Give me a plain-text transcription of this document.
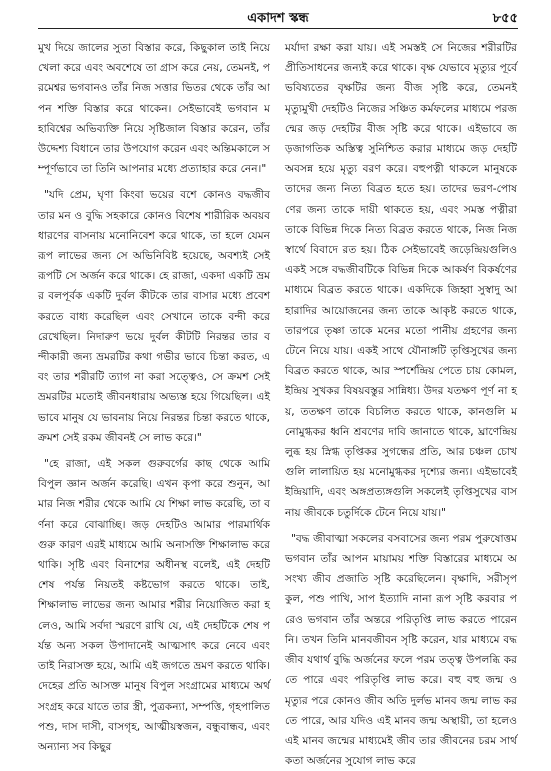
একাদশ স্কন্ধ	৮৫৫

মুখ দিয়ে জালের সুতা বিস্তার করে, কিছুকাল তাই নিয়ে খেলা করে এবং অবশেষে তা গ্রাস করে নেয়, তেমনই, পরমেশ্বর ভগবানও তাঁর নিজ সত্তার ভিতর থেকে তাঁর আপন শক্তি বিস্তার করে থাকেন। সেইভাবেই ভগবান মহাবিশ্বের অভিব্যক্তি নিয়ে সৃষ্টিজাল বিস্তার করেন, তাঁর উদ্দেশ্য বিধানে তার উপযোগ করেন এবং অন্তিমকালে সম্পূর্ণভাবে তা তিনি আপনার মধ্যে প্রত্যাহার করে নেন।"

"যদি প্রেম, ঘৃণা কিংবা ভয়ের বশে কোনও বদ্ধজীব তার মন ও বুদ্ধি সহকারে কোনও বিশেষ শারীরিক অবয়ব ধারণের বাসনায় মনোনিবেশ করে থাকে, তা হলে যেমন রূপ লাভের জন্য সে অভিনিবিষ্ট হয়েছে, অবশ্যই সেই রূপটি সে অর্জন করে থাকে। হে রাজা, একদা একটি ভ্রমর বলপূর্বক একটি দুর্বল কীটকে তার বাসার মধ্যে প্রবেশ করতে বাধ্য করেছিল এবং সেখানে তাকে বন্দী করে রেখেছিল। নিদারুণ ভয়ে দুর্বল কীটটি নিরন্তর তার বন্দীকারী জন্য ভ্রমরটির কথা গভীর ভাবে চিন্তা করত, এবং তার শরীরটি ত্যাগ না করা সত্ত্বেও, সে ক্রমশ সেই ভ্রমরটির মতোই জীবনধারায় অভ্যস্ত হয়ে গিয়েছিল। এইভাবে মানুষ যে ভাবনায় নিয়ে নিরন্তর চিন্তা করতে থাকে, ক্রমশ সেই রকম জীবনই সে লাভ করে।"

"হে রাজা, এই সকল গুরুবর্গের কাছ থেকে আমি বিপুল জ্ঞান অর্জন করেছি। এখন কৃপা করে শুনুন, আমার নিজ শরীর থেকে আমি যে শিক্ষা লাভ করেছি, তা বর্ণনা করে বোঝাচ্ছি। জড় দেহটিও আমার পারমার্থিক গুরু কারণ এরই মাধ্যমে আমি অনাসক্তি শিক্ষালাভ করে থাকি। সৃষ্টি এবং বিনাশের অধীনস্থ বলেই, এই দেহটি শেষ পর্যন্ত নিয়তই কষ্টভোগ করতে থাকে। তাই, শিক্ষালাভ লাভের জন্য আমার শরীর নিয়োজিত করা হলেও, আমি সর্বদা স্মরণে রাখি যে, এই দেহটিকে শেষ পর্যন্ত অন্য সকল উপাদানেই আত্মসাৎ করে নেবে এবং তাই নিরাসক্ত হয়ে, আমি এই জগতে ভ্রমণ করতে থাকি। দেহের প্রতি আসক্ত মানুষ বিপুল সংগ্রামের মাধ্যমে অর্থ সংগ্রহ করে যাতে তার স্ত্রী, পুত্রকন্যা, সম্পত্তি, গৃহপালিত পশু, দাস দাসী, বাসগৃহ, আত্মীয়স্বজন, বন্ধুবান্ধব, এবং অন্যান্য সব কিছুর

মর্যাদা রক্ষা করা যায়। এই সমস্তই সে নিজের শরীরটির প্রীতিসাধনের জন্যই করে থাকে। বৃক্ষ যেভাবে মৃত্যুর পূর্বে ভবিষ্যতের বৃক্ষটির জন্য বীজ সৃষ্টি করে, তেমনই মৃত্যুমুখী দেহটিও নিজের সঞ্চিত কর্মফলের মাধ্যমে পরজন্মের জড় দেহটির বীজ সৃষ্টি করে থাকে। এইভাবে জড়জাগতিক অস্তিত্ব সুনিশ্চিত করার মাধ্যমে জড় দেহটি অবসন্ন হয়ে মৃত্যু বরণ করে। বহুপত্নী থাকলে মানুষকে তাদের জন্য নিত্য বিব্রত হতে হয়। তাদের ভরণ-পোষণের জন্য তাকে দায়ী থাকতে হয়, এবং সমস্ত পত্নীরা তাকে বিভিন্ন দিকে নিত্য বিব্রত করতে থাকে, নিজ নিজ স্বার্থে বিবাদে রত হয়। ঠিক সেইভাবেই জড়েন্দ্রিয়গুলিও একই সঙ্গে বদ্ধজীবটিকে বিভিন্ন দিকে আকর্ষণ বিকর্ষণের মাধ্যমে বিব্রত করতে থাকে। একদিকে জিহ্বা সুস্বাদু আহারাদির আয়োজনের জন্য তাকে আকৃষ্ট করতে থাকে, তারপরে তৃষ্ণা তাকে মনের মতো পানীয় গ্রহণের জন্য টেনে নিয়ে যায়। একই সাথে যৌনাঙ্গটি তৃপ্তিসুখের জন্য বিব্রত করতে থাকে, আর স্পর্শেন্দ্রিয় পেতে চায় কোমল, ইন্দ্রিয় সুখকর বিষয়বস্তুর সান্নিধ্য। উদর যতক্ষণ পূর্ণ না হয়, ততক্ষণ তাকে বিচলিত করতে থাকে, কানগুলি মনোমুগ্ধকর ধ্বনি শ্রবণের দাবি জানাতে থাকে, ঘ্রাণেন্দ্রিয় লুব্ধ হয় স্নিগ্ধ তৃপ্তিকর সুগন্ধের প্রতি, আর চঞ্চল চোখগুলি লালায়িত হয় মনোমুগ্ধকর দৃশ্যের জন্য। এইভাবেই ইন্দ্রিয়াদি, এবং অঙ্গপ্রত্যঙ্গগুলি সকলেই তৃপ্তিসুখের বাসনায় জীবকে চতুর্দিকে টেনে নিয়ে যায়।"

"বদ্ধ জীবাত্মা সকলের বসবাসের জন্য পরম পুরুষোত্তম ভগবান তাঁর আপন মায়াময় শক্তি বিস্তারের মাধ্যমে অসংখ্য জীব প্রজাতি সৃষ্টি করেছিলেন। বৃক্ষাদি, সরীসৃপকুল, পশু পাখি, সাপ ইত্যাদি নানা রূপ সৃষ্টি করবার পরেও ভগবান তাঁর অন্তরে পরিতৃপ্তি লাভ করতে পারেননি। তখন তিনি মানবজীবন সৃষ্টি করেন, যার মাধ্যমে বদ্ধজীব যথার্থ বুদ্ধি অর্জনের ফলে পরম তত্ত্ব উপলব্ধি করতে পারে এবং পরিতৃপ্তি লাভ করে। বহু বহু জন্ম ও মৃত্যুর পরে কোনও জীব অতি দুর্লভ মানব জন্ম লাভ করতে পারে, আর যদিও এই মানব জন্ম অস্থায়ী, তা হলেও এই মানব জন্মের মাধ্যমেই জীব তার জীবনের চরম সার্থকতা অর্জনের সুযোগ লাভ করে
